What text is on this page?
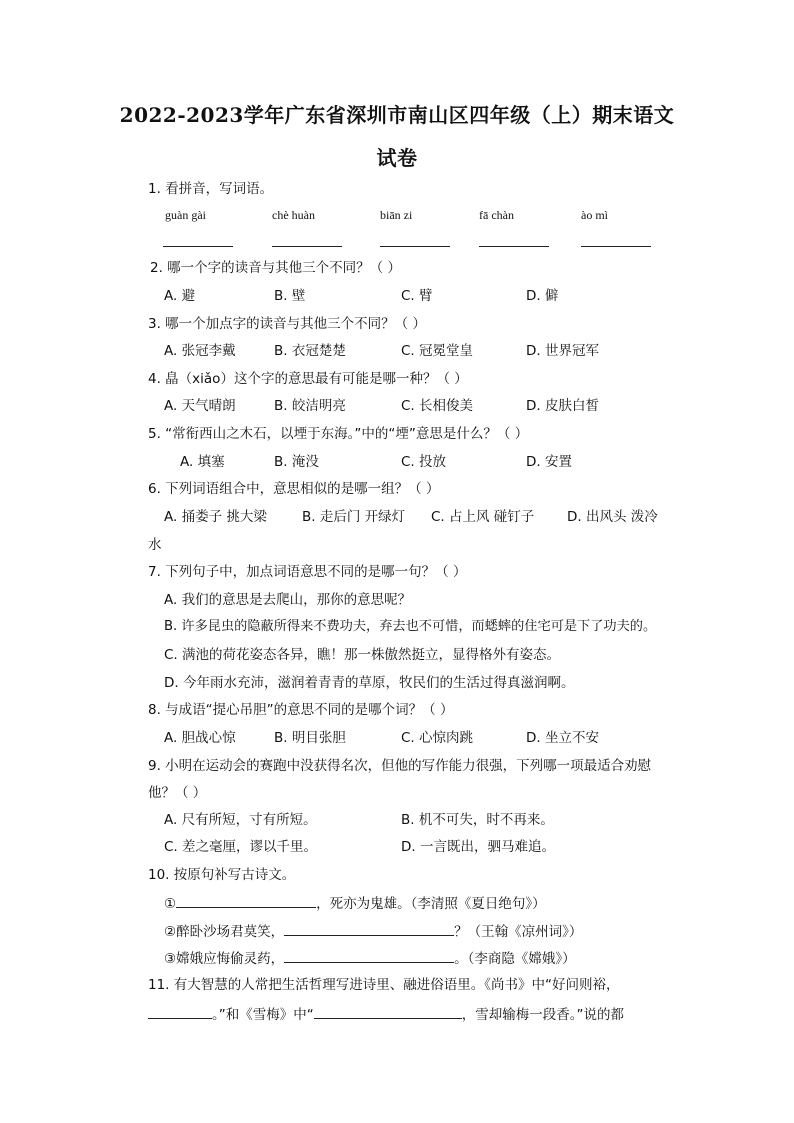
2022-2023学年广东省深圳市南山区四年级（上）期末语文
试卷
1. 看拼音，写词语。
guàn gài	chè huàn	biān zi	fā chàn	ào mì
2. 哪一个字的读音与其他三个不同？（ ）
A. 避	B. 壁	C. 臂	D. 僻
3. 哪一个加点字的读音与其他三个不同？（ ）
A. 张冠李戴	B. 衣冠楚楚	C. 冠冕堂皇	D. 世界冠军
4. 皛（xiǎo）这个字的意思最有可能是哪一种？（ ）
A. 天气晴朗	B. 皎洁明亮	C. 长相俊美	D. 皮肤白皙
5. “常衔西山之木石，以堙于东海。”中的“堙”意思是什么？（ ）
A. 填塞	B. 淹没	C. 投放	D. 安置
6. 下列词语组合中，意思相似的是哪一组？（ ）
A. 捅娄子 挑大梁	B. 走后门 开绿灯 C. 占上风 碰钉子 D. 出风头 泼冷
水
7. 下列句子中，加点词语意思不同的是哪一句？（ ）
A. 我们的意思是去爬山，那你的意思呢？
B. 许多昆虫的隐蔽所得来不费功夫，弃去也不可惜，而蟋蟀的住宅可是下了功夫的。
C. 满池的荷花姿态各异，瞧！那一株傲然挺立，显得格外有姿态。
D. 今年雨水充沛，滋润着青青的草原，牧民们的生活过得真滋润啊。
8. 与成语“提心吊胆”的意思不同的是哪个词？（ ）
A. 胆战心惊	B. 明目张胆	C. 心惊肉跳	D. 坐立不安
9. 小明在运动会的赛跑中没获得名次，但他的写作能力很强，下列哪一项最适合劝慰
他？（ ）
A. 尺有所短，寸有所短。	B. 机不可失，时不再来。
C. 差之毫厘，谬以千里。	D. 一言既出，驷马难追。
10. 按原句补写古诗文。
①	，死亦为鬼雄。（李清照《夏日绝句》）
②醉卧沙场君莫笑，	？（王翰《凉州词》）
③嫦娥应悔偷灵药，	。（李商隐《嫦娥》）
11. 有大智慧的人常把生活哲理写进诗里、融进俗语里。《尚书》中“好问则裕，
。”和《雪梅》中“	，雪却输梅一段香。”说的都
